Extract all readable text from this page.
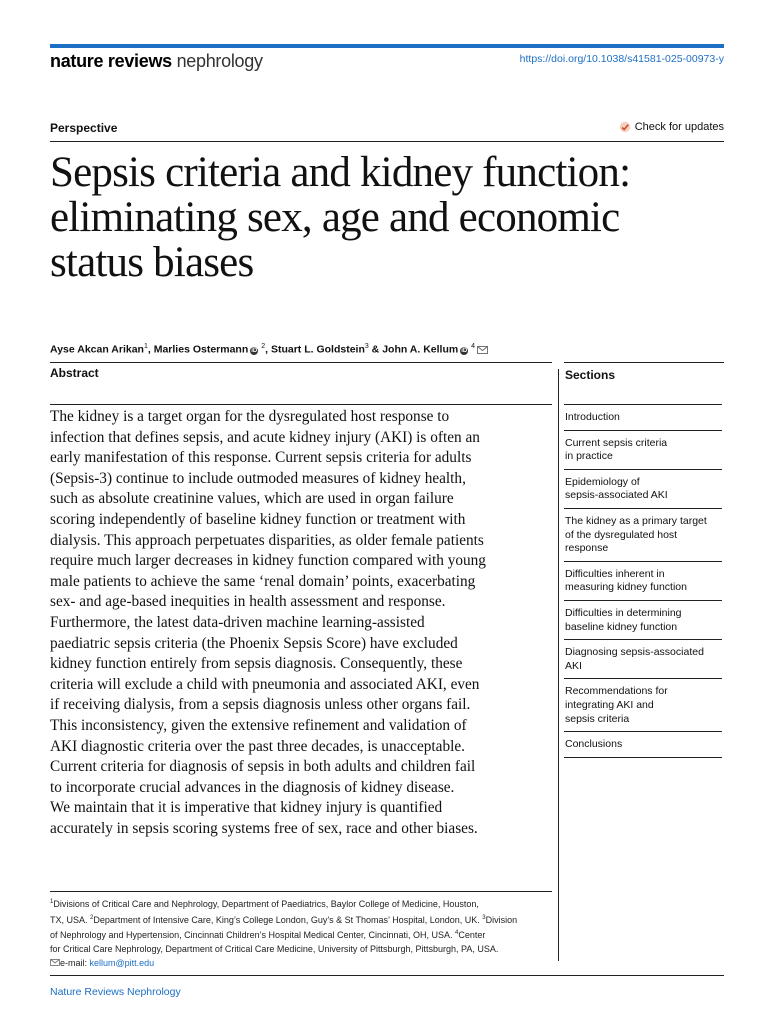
nature reviews nephrology	https://doi.org/10.1038/s41581-025-00973-y
Perspective	Check for updates
Sepsis criteria and kidney function:
eliminating sex, age and economic
status biases
Ayse Akcan Arikan$^1$, Marlies Ostermann iD $^2$, Stuart L. Goldstein$^3$ & John A. Kellum iD $^4$
Abstract

The kidney is a target organ for the dysregulated host response to
infection that defines sepsis, and acute kidney injury (AKI) is often an
early manifestation of this response. Current sepsis criteria for adults
(Sepsis-3) continue to include outmoded measures of kidney health,
such as absolute creatinine values, which are used in organ failure
scoring independently of baseline kidney function or treatment with
dialysis. This approach perpetuates disparities, as older female patients
require much larger decreases in kidney function compared with young
male patients to achieve the same ‘renal domain’ points, exacerbating
sex- and age-based inequities in health assessment and response.
Furthermore, the latest data-driven machine learning-assisted
paediatric sepsis criteria (the Phoenix Sepsis Score) have excluded
kidney function entirely from sepsis diagnosis. Consequently, these
criteria will exclude a child with pneumonia and associated AKI, even
if receiving dialysis, from a sepsis diagnosis unless other organs fail.
This inconsistency, given the extensive refinement and validation of
AKI diagnostic criteria over the past three decades, is unacceptable.
Current criteria for diagnosis of sepsis in both adults and children fail
to incorporate crucial advances in the diagnosis of kidney disease.
We maintain that it is imperative that kidney injury is quantified
accurately in sepsis scoring systems free of sex, race and other biases.

Sections
Introduction
Current sepsis criteria
in practice
Epidemiology of
sepsis-associated AKI
The kidney as a primary target
of the dysregulated host
response
Difficulties inherent in
measuring kidney function
Difficulties in determining
baseline kidney function
Diagnosing sepsis-associated
AKI
Recommendations for
integrating AKI and
sepsis criteria
Conclusions
$^1$Divisions of Critical Care and Nephrology, Department of Paediatrics, Baylor College of Medicine, Houston,
TX, USA. $^2$Department of Intensive Care, King’s College London, Guy’s & St Thomas’ Hospital, London, UK. $^3$Division
of Nephrology and Hypertension, Cincinnati Children’s Hospital Medical Center, Cincinnati, OH, USA. $^4$Center
for Critical Care Nephrology, Department of Critical Care Medicine, University of Pittsburgh, Pittsburgh, PA, USA.
e-mail: kellum@pitt.edu
Nature Reviews Nephrology
